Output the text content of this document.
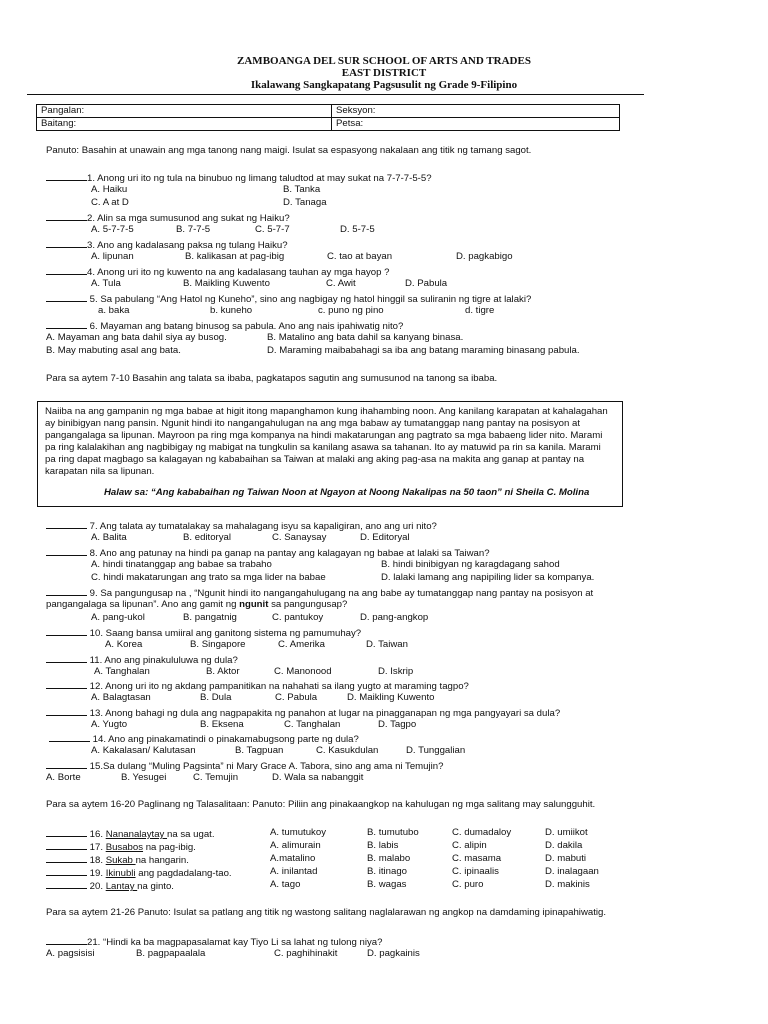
ZAMBOANGA DEL SUR SCHOOL OF ARTS AND TRADES
EAST DISTRICT
Ikalawang Sangkapatang Pagsusulit ng Grade 9-Filipino
Pangalan:	Seksyon:
Baitang:	Petsa:
Panuto: Basahin at unawain ang mga tanong nang maigi. Isulat sa espasyong nakalaan ang titik ng tamang sagot.
1. Anong uri ito ng tula na binubuo ng limang taludtod at may sukat na 7-7-7-5-5?
A. Haiku	B. Tanka
C. A at D	D. Tanaga
2. Alin sa mga sumusunod ang sukat ng Haiku?
A. 5-7-7-5	B. 7-7-5	C. 5-7-7	D. 5-7-5
3. Ano ang kadalasang paksa ng tulang Haiku?
A. lipunan	B. kalikasan at pag-ibig	C. tao at bayan	D. pagkabigo
4. Anong uri ito ng kuwento na ang kadalasang tauhan ay mga hayop ?
A. Tula	B. Maikling Kuwento	C. Awit	D. Pabula
5. Sa pabulang “Ang Hatol ng Kuneho”, sino ang nagbigay ng hatol hinggil sa suliranin ng tigre at lalaki?
a. baka	b. kuneho	c. puno ng pino	d. tigre
6. Mayaman ang batang binusog sa pabula. Ano ang nais ipahiwatig nito?
A. Mayaman ang bata dahil siya ay busog.	B. Matalino ang bata dahil sa kanyang binasa.
B. May mabuting asal ang bata.	D. Maraming maibabahagi sa iba ang batang maraming binasang pabula.
Para sa aytem 7-10 Basahin ang talata sa ibaba, pagkatapos sagutin ang sumusunod na tanong sa ibaba.
Naiiba na ang gampanin ng mga babae at higit itong mapanghamon kung ihahambing noon. Ang kanilang karapatan at kahalagahan
ay binibigyan nang pansin. Ngunit hindi ito nangangahulugan na ang mga babaw ay tumatanggap nang pantay na posisyon at
pangangalaga sa lipunan. Mayroon pa ring mga kompanya na hindi makatarungan ang pagtrato sa mga babaeng lider nito. Marami
pa ring kalalakihan ang nagbibigay ng mabigat na tungkulin sa kanilang asawa sa tahanan. Ito ay matuwid pa rin sa kanila. Marami
pa ring dapat magbago sa kalagayan ng kababaihan sa Taiwan at malaki ang aking pag-asa na makita ang ganap at pantay na
karapatan nila sa lipunan.
Halaw sa: “Ang kababaihan ng Taiwan Noon at Ngayon at Noong Nakalipas na 50 taon” ni Sheila C. Molina
7. Ang talata ay tumatalakay sa mahalagang isyu sa kapaligiran, ano ang uri nito?
A. Balita	B. editoryal	C. Sanaysay	D. Editoryal
8. Ano ang patunay na hindi pa ganap na pantay ang kalagayan ng babae at lalaki sa Taiwan?
A. hindi tinatanggap ang babae sa trabaho	B. hindi binibigyan ng karagdagang sahod
C. hindi makatarungan ang trato sa mga lider na babae	D. lalaki lamang ang napipiling lider sa kompanya.
9. Sa pangungusap na , “Ngunit hindi ito nangangahulugang na ang babe ay tumatanggap nang pantay na posisyon at
pangangalaga sa lipunan”. Ano ang gamit ng ngunit sa pangungusap?
A. pang-ukol	B. pangatnig	C. pantukoy	D. pang-angkop
10. Saang bansa umiiral ang ganitong sistema ng pamumuhay?
A. Korea	B. Singapore	C. Amerika	D. Taiwan
11. Ano ang pinakululuwa ng dula?
A. Tanghalan	B. Aktor	C. Manonood	D. Iskrip
12. Anong uri ito ng akdang pampanitikan na nahahati sa ilang yugto at maraming tagpo?
A. Balagtasan	B. Dula	C. Pabula	D. Maikling Kuwento
13. Anong bahagi ng dula ang nagpapakita ng panahon at lugar na pinagganapan ng mga pangyayari sa dula?
A. Yugto	B. Eksena	C. Tanghalan	D. Tagpo
14. Ano ang pinakamatindi o pinakamabugsong parte ng dula?
A. Kakalasan/ Kalutasan	B. Tagpuan	C. Kasukdulan	D. Tunggalian
15.Sa dulang “Muling Pagsinta” ni Mary Grace A. Tabora, sino ang ama ni Temujin?
A. Borte	B. Yesugei	C. Temujin	D. Wala sa nabanggit
Para sa aytem 16-20 Paglinang ng Talasalitaan: Panuto: Piliin ang pinakaangkop na kahulugan ng mga salitang may salungguhit.
16. Nananalaytay na sa ugat.	A. tumutukoy	B. tumutubo	C. dumadaloy	D. umiikot
17. Busabos na pag-ibig.	A. alimurain	B. labis	C. alipin	D. dakila
18. Sukab na hangarin.	A.matalino	B. malabo	C. masama	D. mabuti
19. Ikinubli ang pagdadalang-tao.	A. inilantad	B. itinago	C. ipinaalis	D. inalagaan
20. Lantay na ginto.	A. tago	B. wagas	C. puro	D. makinis
Para sa aytem 21-26 Panuto: Isulat sa patlang ang titik ng wastong salitang naglalarawan ng angkop na damdaming ipinapahiwatig.
21. “Hindi ka ba magpapasalamat kay Tiyo Li sa lahat ng tulong niya?
A. pagsisisi	B. pagpapaalala	C. paghihinakit	D. pagkainis
